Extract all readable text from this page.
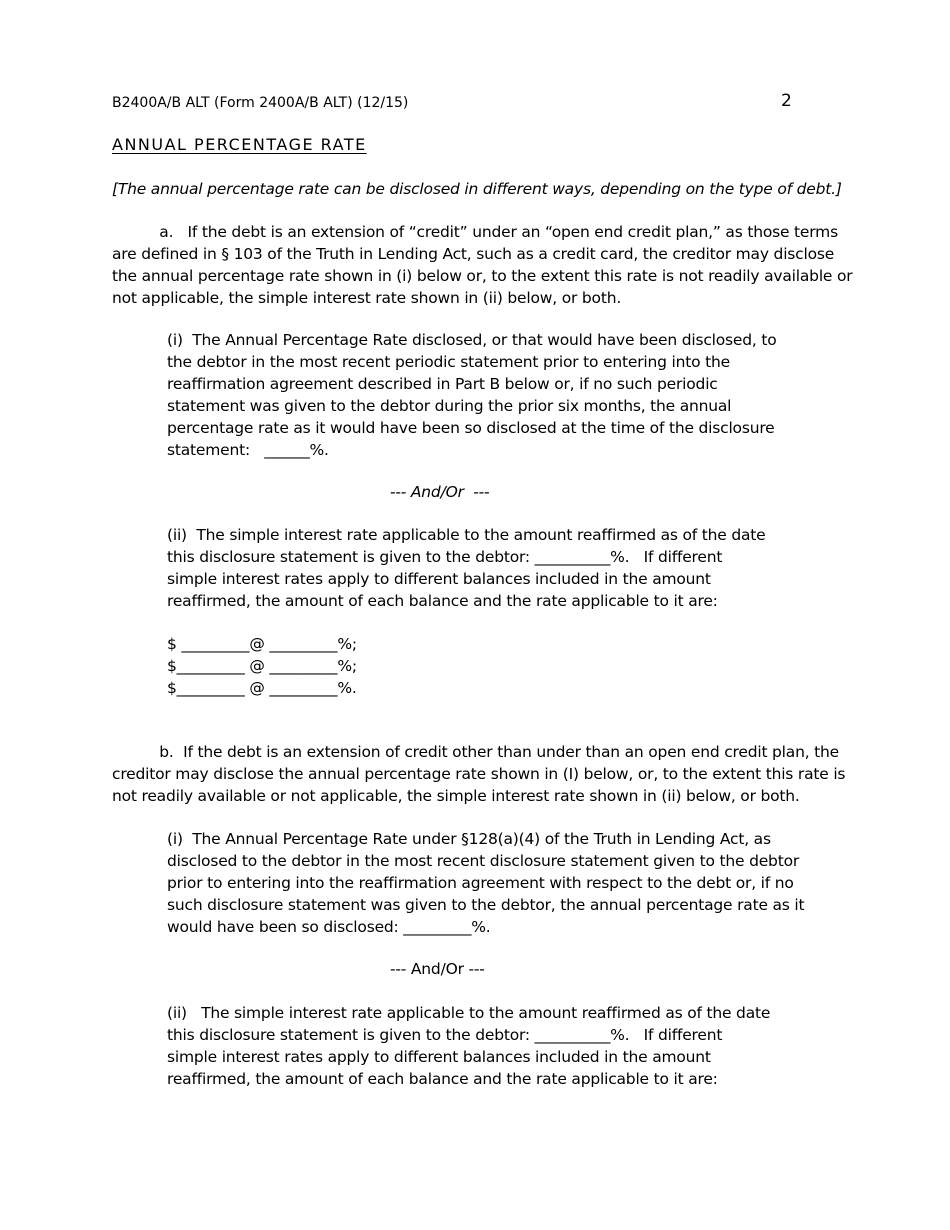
B2400A/B ALT (Form 2400A/B ALT) (12/15)	2
ANNUAL PERCENTAGE RATE
[The annual percentage rate can be disclosed in different ways, depending on the type of debt.]
a.   If the debt is an extension of “credit” under an “open end credit plan,” as those terms
are defined in § 103 of the Truth in Lending Act, such as a credit card, the creditor may disclose
the annual percentage rate shown in (i) below or, to the extent this rate is not readily available or
not applicable, the simple interest rate shown in (ii) below, or both.
(i)  The Annual Percentage Rate disclosed, or that would have been disclosed, to
the debtor in the most recent periodic statement prior to entering into the
reaffirmation agreement described in Part B below or, if no such periodic
statement was given to the debtor during the prior six months, the annual
percentage rate as it would have been so disclosed at the time of the disclosure
statement:   ______%.
--- And/Or  ---
(ii)  The simple interest rate applicable to the amount reaffirmed as of the date
this disclosure statement is given to the debtor: __________%.   If different
simple interest rates apply to different balances included in the amount
reaffirmed, the amount of each balance and the rate applicable to it are:
$ _________@ _________%;
$_________ @ _________%;
$_________ @ _________%.
b.  If the debt is an extension of credit other than under than an open end credit plan, the
creditor may disclose the annual percentage rate shown in (I) below, or, to the extent this rate is
not readily available or not applicable, the simple interest rate shown in (ii) below, or both.
(i)  The Annual Percentage Rate under §128(a)(4) of the Truth in Lending Act, as
disclosed to the debtor in the most recent disclosure statement given to the debtor
prior to entering into the reaffirmation agreement with respect to the debt or, if no
such disclosure statement was given to the debtor, the annual percentage rate as it
would have been so disclosed: _________%.
--- And/Or ---
(ii)   The simple interest rate applicable to the amount reaffirmed as of the date
this disclosure statement is given to the debtor: __________%.   If different
simple interest rates apply to different balances included in the amount
reaffirmed, the amount of each balance and the rate applicable to it are:
